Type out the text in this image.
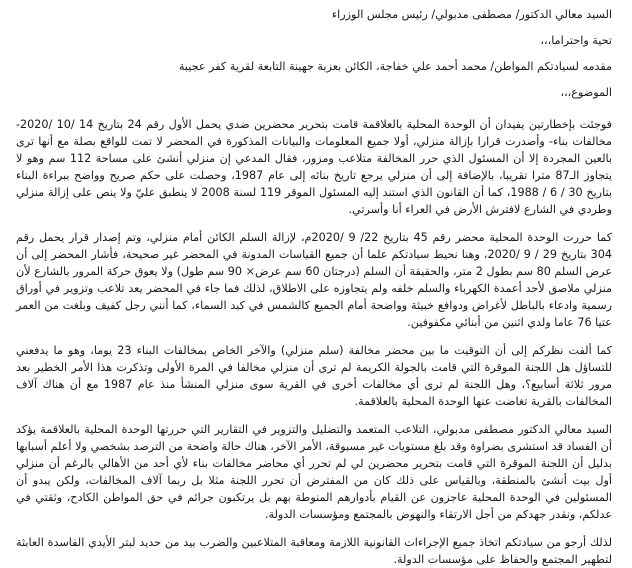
السيد معالي الدكتور/ مصطفى مدبولي/ رئيس مجلس الوزراء

تحية واحتراما،،،

مقدمه لسيادتكم المواطن/ محمد أحمد علي خفاجة، الكائن بعزبة جهينة التابعة لقرية كفر عجيبة

الموضوع،،،

فوجئت بإخطارتين يفيدان أن الوحدة المحلية بالعلاقمة قامت بتحرير محضرين ضدي يحمل الأول رقم 24 بتاريخ 14 /10 /2020- مخالفات بناء- وأصدرت قرارا بإزالة منزلي، أولا جميع المعلومات والبيانات المذكورة في المحضر لا تمت للواقع بصلة مع أنها ترى بالعين المجردة إلا أن المسئول الذي حرر المخالفة متلاعب ومزور، فقال المدعي إن منزلي أنشئ على مساحة 112 سم وهو لا يتجاوز الـ87 مترا تقريبا، بالإضافة إلى أن منزلي يرجع تاريخ بنائه إلى عام 1987، وحصلت على حكم صريح وواضح ببراءة البناء بتاريخ 30 / 6 / 1988، كما أن القانون الذي استند إليه المسئول الموقر 119 لسنة 2008 لا ينطبق عليّ ولا ينص على إزالة منزلي وطردي في الشارع لافترش الأرض في العراء أنا وأسرتي.

كما حررت الوحدة المحلية محضر رقم 45 بتاريخ 22/ 9 /2020م، لإزالة السلم الكائن أمام منزلي، وتم إصدار قرار يحمل رقم 304 بتاريخ 29 / 9 /2020، وهنا نحيط سيادتكم علما أن جميع القياسات المدونة في المحضر غير صحيحة، فأشار المحضر إلى أن عرض السلم 80 سم بطول 2 متر، والحقيقة أن السلم (درجتان 60 سم عرض× 90 سم طول) ولا يعوق حركة المرور بالشارع لأن منزلي ملاصق لأحد أعمدة الكهرباء والسلم خلفه ولم يتجاوزه على الاطلاق، لذلك فما جاء في المحضر يعد تلاعب وتزوير في أوراق رسمية وادعاء بالباطل لأغراض ودوافع خبيثة وواضحة أمام الجميع كالشمس في كبد السماء، كما أنني رجل كفيف وبلغت من العمر عتيا 76 عاما ولدي اثنين من أبنائي مكفوفين.

كما ألفت نظركم إلى أن التوقيت ما بين محضر مخالفة (سلم منزلي) والآخر الخاص بمخالفات البناء 23 يوما، وهو ما يدفعني للتساؤل هل اللجنة الموقرة التي قامت بالجولة الكريمة لم ترى أن منزلي مخالفا في المرة الأولى وتذكرت هذا الأمر الخطير بعد مرور ثلاثة أسابيع؟، وهل اللجنة لم ترى أي مخالفات أخرى في القرية سوى منزلي المنشأ منذ عام 1987 مع أن هناك آلاف المخالفات بالقرية تغاضت عنها الوحدة المحلية بالعلاقمة.

السيد معالي الدكتور مصطفى مدبولي، التلاعب المتعمد والتضليل والتزوير في التقارير التي حررتها الوحدة المحلية بالعلاقمة يؤكد أن الفساد قد استشرى بضراوة وقد بلغ مستويات غير مسبوقة، الأمر الآخر، هناك حالة واضحة من الترصد بشخصي ولا أعلم أسبابها بدليل أن اللجنة الموقرة التي قامت بتحرير محضرين لي لم تحرر أي محاضر مخالفات بناء لأي أحد من الأهالي بالرغم أن منزلي أول بيت أنشئ بالمنطقة، وبالقياس على ذلك كان من المفترض أن تحرر اللجنة مثلا بل ربما آلاف المخالفات، ولكن يبدو أن المسئولين في الوحدة المحلية عاجزون عن القيام بأدوارهم المنوطة بهم بل يرتكبون جرائم في حق المواطن الكادح، وثقتي في عدلكم، ونقدر جهدكم من أجل الارتقاء والنهوض بالمجتمع ومؤسسات الدولة.

لذلك أرجو من سيادتكم اتخاذ جميع الإجراءات القانونية اللازمة ومعاقبة المتلاعبين والضرب بيد من حديد لبتر الأيدي الفاسدة العابثة لتطهير المجتمع والحفاظ على مؤسسات الدولة.
